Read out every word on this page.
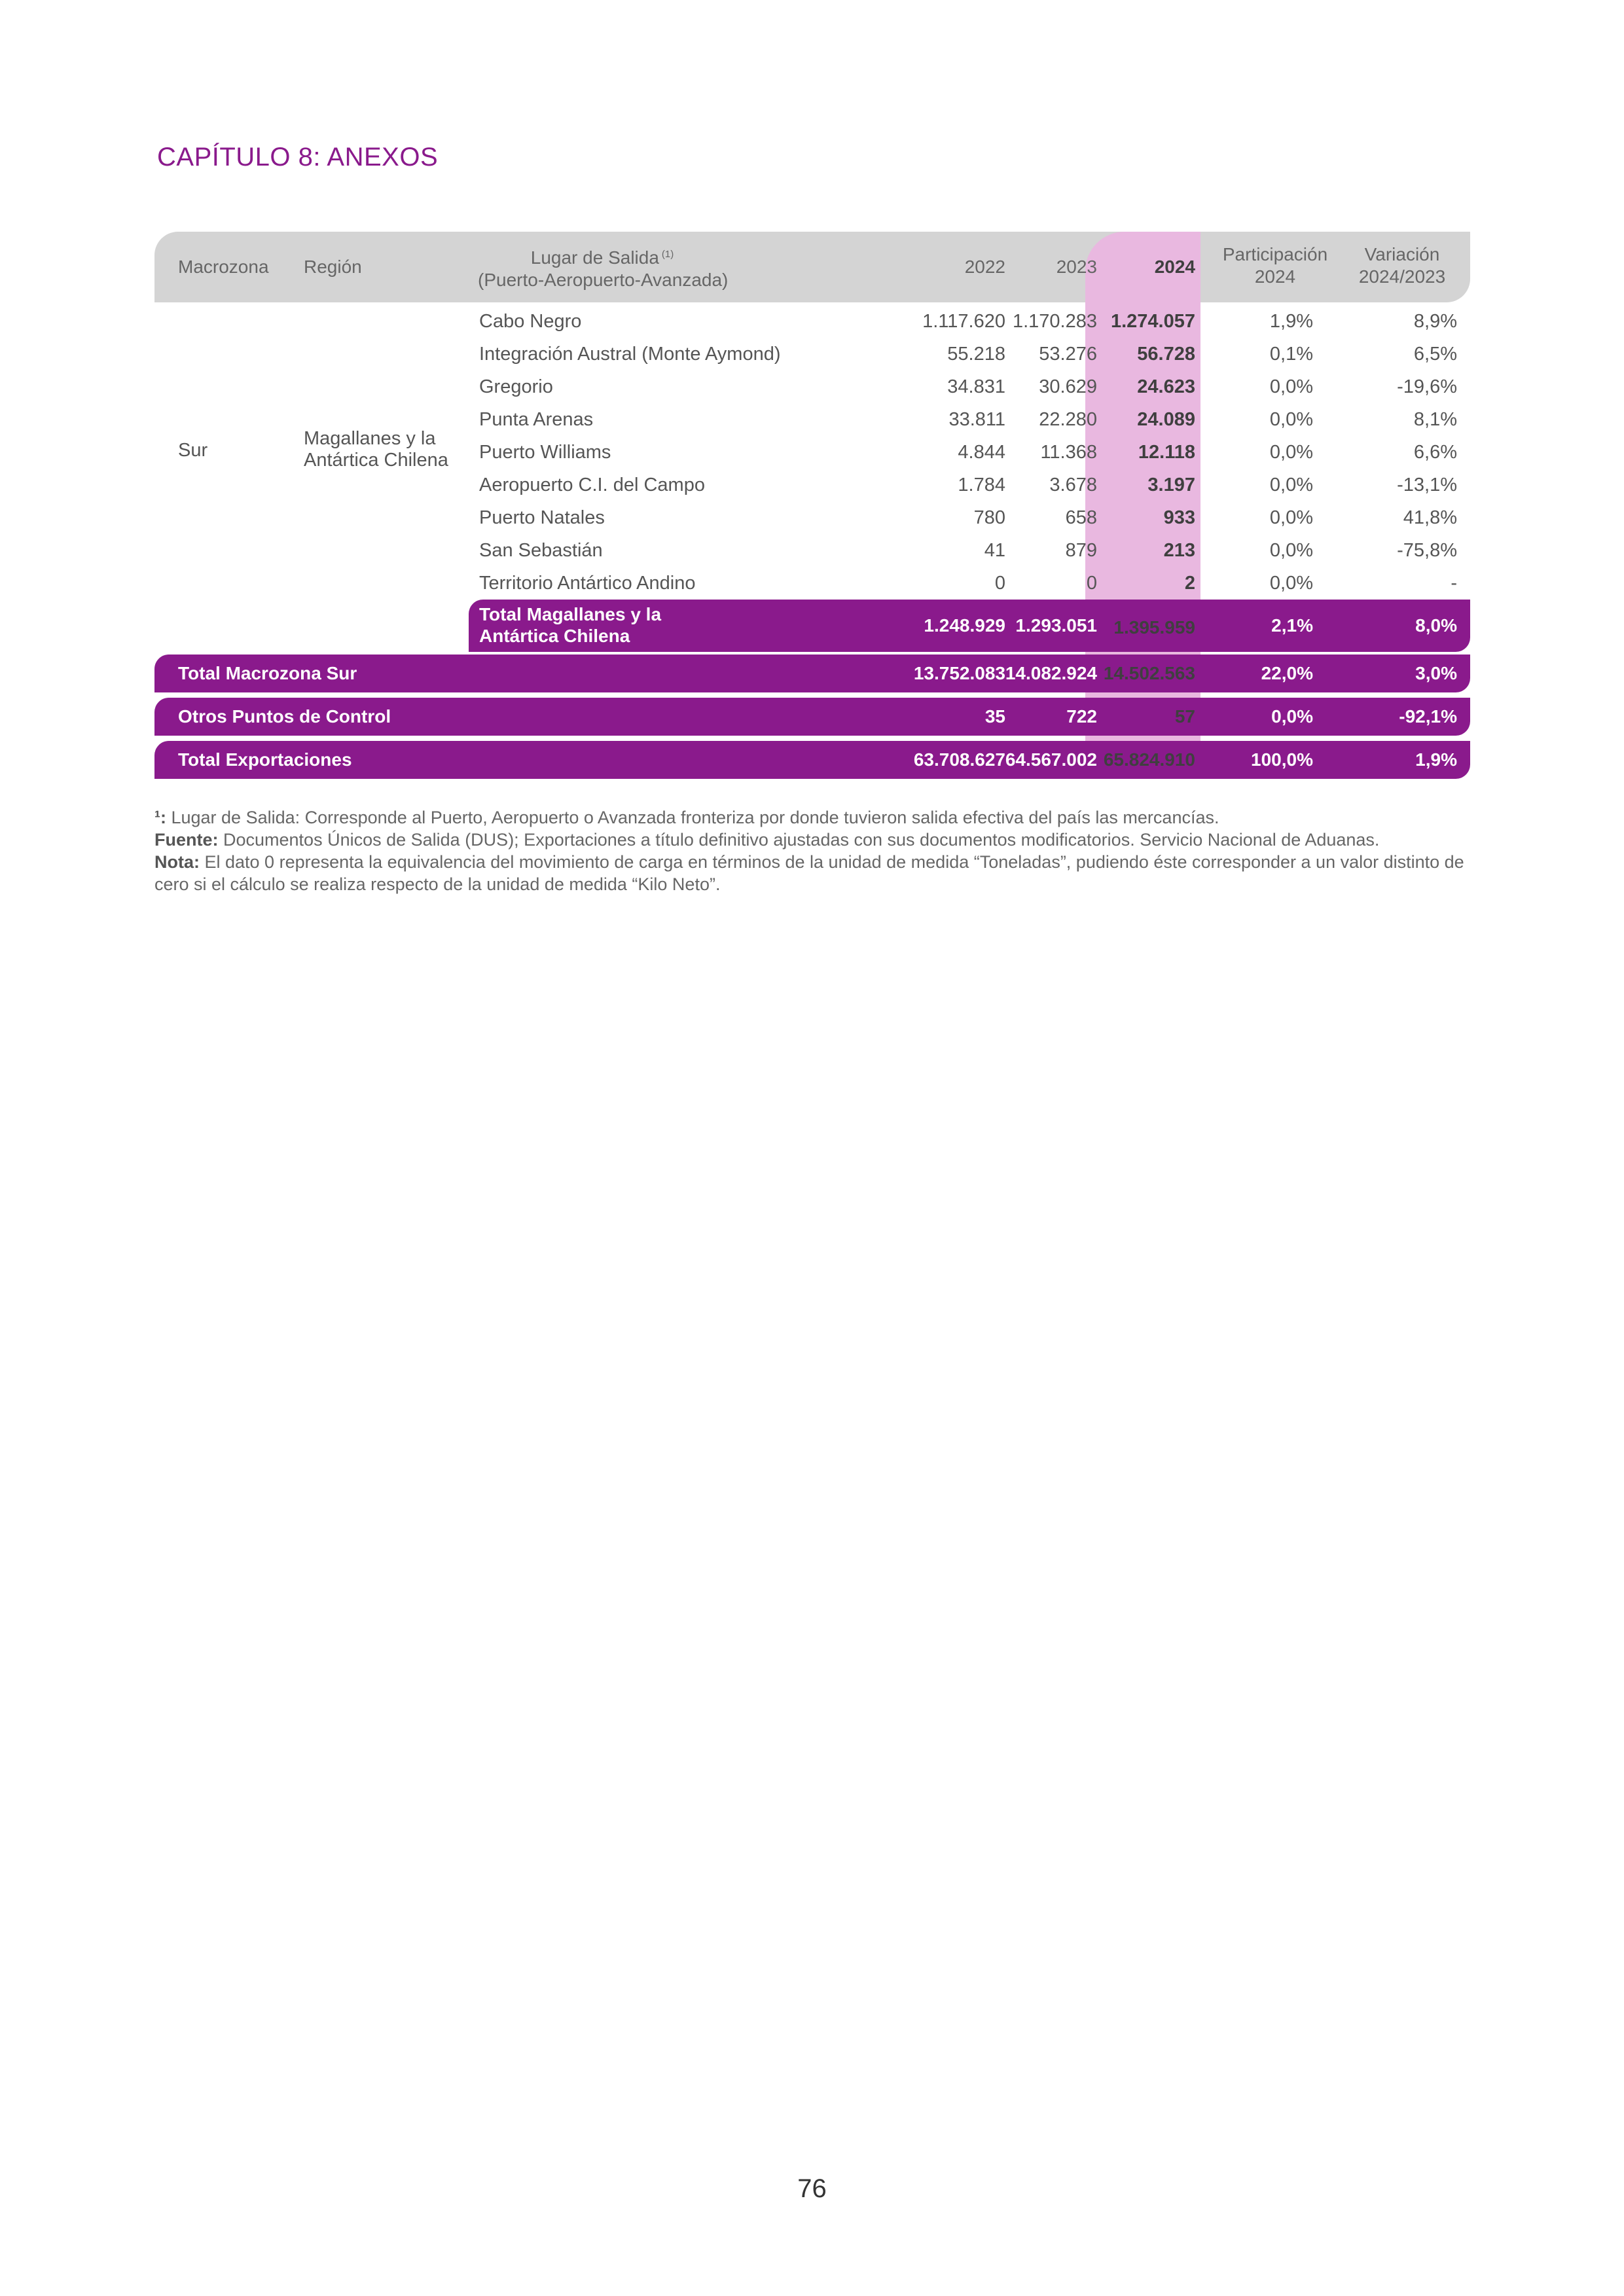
CAPÍTULO 8: ANEXOS
Macrozona Región	Lugar de Salida $^{(1)}$
(Puerto-Aeropuerto-Avanzada)
2022	2023	2024
Participación
2024
Variación
2024/2023
Sur
Magallanes y la
Antártica Chilena
Cabo Negro	1.117.620 1.170.283 1.274.057	1,9%	8,9%
Integración Austral (Monte Aymond)	55.218	53.276	56.728	0,1%	6,5%
Gregorio	34.831	30.629	24.623	0,0%	-19,6%
Punta Arenas	33.811	22.280	24.089	0,0%	8,1%
Puerto Williams	4.844	11.368	12.118	0,0%	6,6%
Aeropuerto C.I. del Campo	1.784	3.678	3.197	0,0%	-13,1%
Puerto Natales	780	658	933	0,0%	41,8%
San Sebastián	41	879	213	0,0%	-75,8%
Territorio Antártico Andino	0	0	2	0,0%	-
Total Magallanes y la
Antártica Chilena
1.248.929 1.293.051 1.395.959	2,1%	8,0%
Total Macrozona Sur	13.752.083 14.082.924 14.502.563	22,0%	3,0%
Otros Puntos de Control	35	722	57	0,0%	-92,1%
Total Exportaciones	63.708.627 64.567.002 65.824.910	100,0%	1,9%
¹: Lugar de Salida: Corresponde al Puerto, Aeropuerto o Avanzada fronteriza por donde tuvieron salida efectiva del país las mercancías.
Fuente: Documentos Únicos de Salida (DUS); Exportaciones a título definitivo ajustadas con sus documentos modificatorios. Servicio Nacional de Aduanas.
Nota: El dato 0 representa la equivalencia del movimiento de carga en términos de la unidad de medida “Toneladas”, pudiendo éste corresponder a un valor distinto de cero si el cálculo se realiza respecto de la unidad de medida “Kilo Neto”.
76
